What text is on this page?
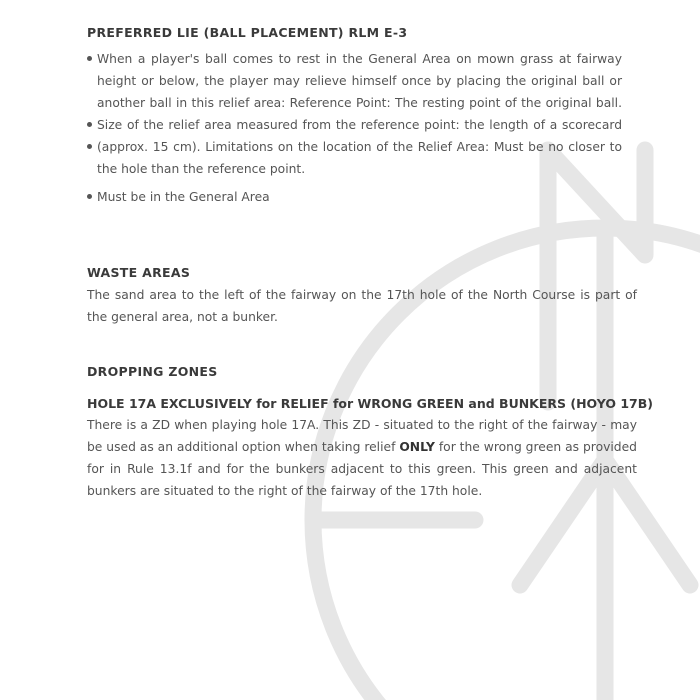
PREFERRED LIE (BALL PLACEMENT) RLM E-3
When a player's ball comes to rest in the General Area on mown grass at fairway height or below, the player may relieve himself once by placing the original ball or another ball in this relief area: Reference Point: The resting point of the original ball. Size of the relief area measured from the reference point: the length of a scorecard (approx. 15 cm). Limitations on the location of the Relief Area: Must be no closer to the hole than the reference point.
Must be in the General Area
WASTE AREAS
The sand area to the left of the fairway on the 17th hole of the North Course is part of the general area, not a bunker.
DROPPING ZONES
HOLE 17A EXCLUSIVELY for RELIEF for WRONG GREEN and BUNKERS (HOYO 17B)
There is a ZD when playing hole 17A. This ZD - situated to the right of the fairway - may be used as an additional option when taking relief ONLY for the wrong green as provided for in Rule 13.1f and for the bunkers adjacent to this green. This green and adjacent bunkers are situated to the right of the fairway of the 17th hole.
